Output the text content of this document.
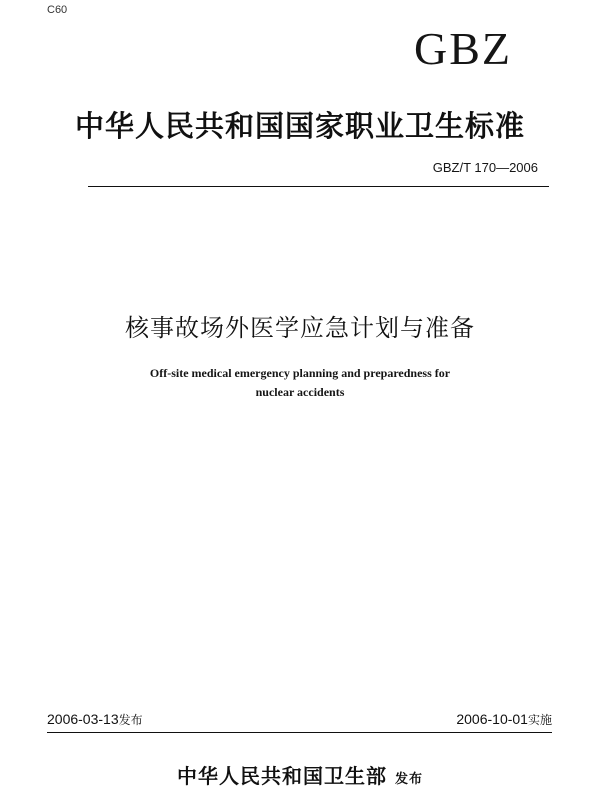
C60
GBZ
中华人民共和国国家职业卫生标准
GBZ/T 170—2006
核事故场外医学应急计划与准备
Off-site medical emergency planning and preparedness for
nuclear accidents
2006-03-13发布	2006-10-01实施
中华人民共和国卫生部 发布
